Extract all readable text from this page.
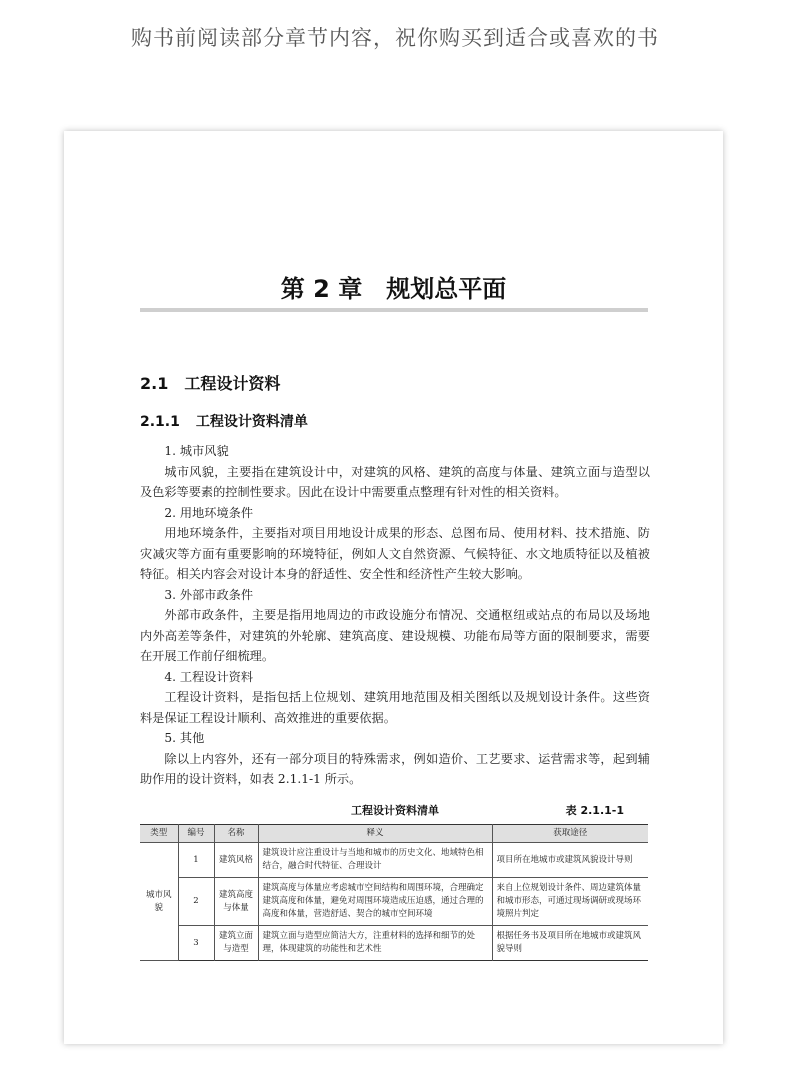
购书前阅读部分章节内容，祝你购买到适合或喜欢的书
第 2 章　规划总平面
2.1 工程设计资料
2.1.1 工程设计资料清单

1. 城市风貌

城市风貌，主要指在建筑设计中，对建筑的风格、建筑的高度与体量、建筑立面与造型以及色彩等要素的控制性要求。因此在设计中需要重点整理有针对性的相关资料。

2. 用地环境条件

用地环境条件，主要指对项目用地设计成果的形态、总图布局、使用材料、技术措施、防灾减灾等方面有重要影响的环境特征，例如人文自然资源、气候特征、水文地质特征以及植被特征。相关内容会对设计本身的舒适性、安全性和经济性产生较大影响。

3. 外部市政条件

外部市政条件，主要是指用地周边的市政设施分布情况、交通枢纽或站点的布局以及场地内外高差等条件，对建筑的外轮廓、建筑高度、建设规模、功能布局等方面的限制要求，需要在开展工作前仔细梳理。

4. 工程设计资料

工程设计资料，是指包括上位规划、建筑用地范围及相关图纸以及规划设计条件。这些资料是保证工程设计顺利、高效推进的重要依据。

5. 其他

除以上内容外，还有一部分项目的特殊需求，例如造价、工艺要求、运营需求等，起到辅助作用的设计资料，如表 2.1.1-1 所示。

工程设计资料清单	表 2.1.1-1
类型	编号	名称	释义	获取途径
城市风貌	1	建筑风格	建筑设计应注重设计与当地和城市的历史文化、地域特色相结合，融合时代特征、合理设计	项目所在地城市或建筑风貌设计导则
	2	建筑高度与体量	建筑高度与体量应考虑城市空间结构和周围环境，合理确定建筑高度和体量，避免对周围环境造成压迫感，通过合理的高度和体量，营造舒适、契合的城市空间环境	来自上位规划设计条件、周边建筑体量和城市形态，可通过现场调研或现场环境照片判定
	3	建筑立面与造型	建筑立面与造型应简洁大方，注重材料的选择和细节的处理，体现建筑的功能性和艺术性	根据任务书及项目所在地城市或建筑风貌导则
